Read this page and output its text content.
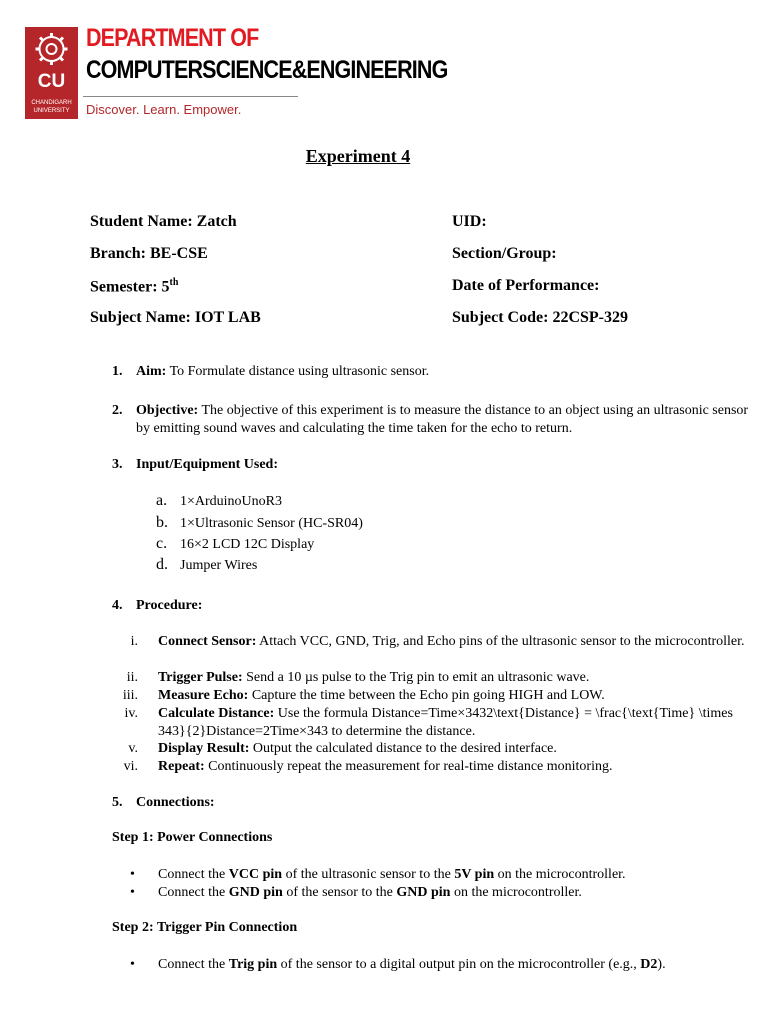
CU
CHANDIGARH
UNIVERSITY
DEPARTMENT OF
COMPUTERSCIENCE&ENGINEERING
Discover. Learn. Empower.
Experiment 4
Student Name: Zatch	UID:
Branch: BE-CSE	Section/Group:
Semester: 5th	Date of Performance:
Subject Name: IOT LAB	Subject Code: 22CSP-329
1. Aim: To Formulate distance using ultrasonic sensor.
2. Objective: The objective of this experiment is to measure the distance to an object using an ultrasonic sensor by emitting sound waves and calculating the time taken for the echo to return.
3. Input/Equipment Used:
a. 1×ArduinoUnoR3
b. 1×Ultrasonic Sensor (HC-SR04)
c. 16×2 LCD 12C Display
d. Jumper Wires
4. Procedure:
i. Connect Sensor: Attach VCC, GND, Trig, and Echo pins of the ultrasonic sensor to the microcontroller.
ii. Trigger Pulse: Send a 10 µs pulse to the Trig pin to emit an ultrasonic wave.
iii. Measure Echo: Capture the time between the Echo pin going HIGH and LOW.
iv. Calculate Distance: Use the formula Distance=Time×3432\text{Distance} = \frac{\text{Time} \times 343}{2}Distance=2Time×343 to determine the distance.
v. Display Result: Output the calculated distance to the desired interface.
vi. Repeat: Continuously repeat the measurement for real-time distance monitoring.
5. Connections:
Step 1: Power Connections
• Connect the VCC pin of the ultrasonic sensor to the 5V pin on the microcontroller.
• Connect the GND pin of the sensor to the GND pin on the microcontroller.
Step 2: Trigger Pin Connection
• Connect the Trig pin of the sensor to a digital output pin on the microcontroller (e.g., D2).
